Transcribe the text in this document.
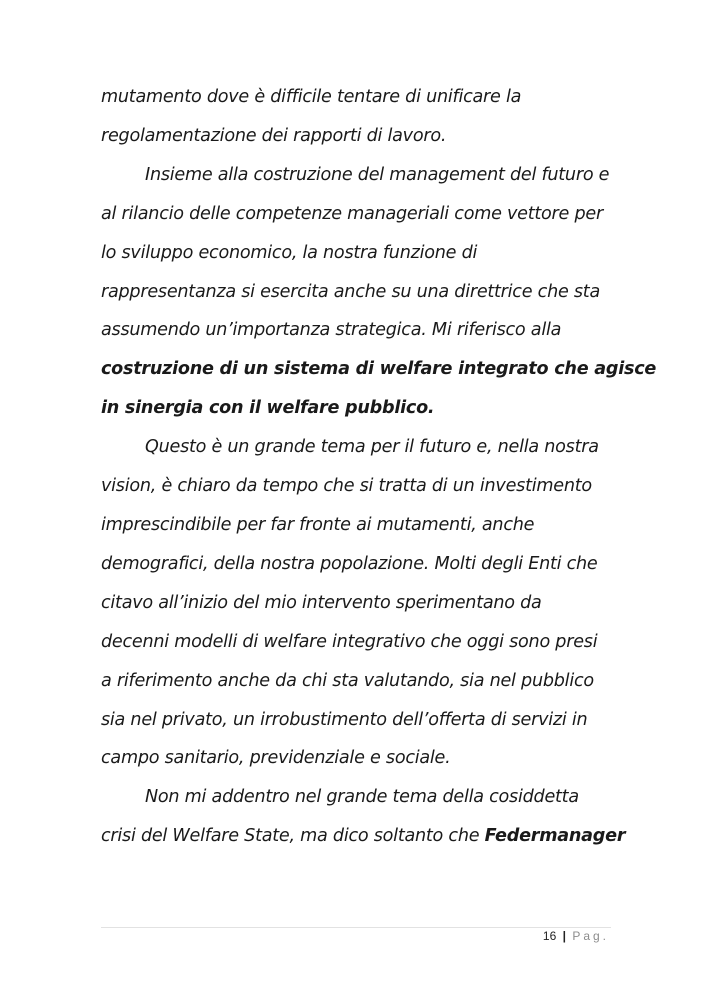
mutamento dove è difficile tentare di unificare la
regolamentazione dei rapporti di lavoro.
Insieme alla costruzione del management del futuro e
al rilancio delle competenze manageriali come vettore per
lo sviluppo economico, la nostra funzione di
rappresentanza si esercita anche su una direttrice che sta
assumendo un’importanza strategica. Mi riferisco alla
costruzione di un sistema di welfare integrato che agisce
in sinergia con il welfare pubblico.
Questo è un grande tema per il futuro e, nella nostra
vision, è chiaro da tempo che si tratta di un investimento
imprescindibile per far fronte ai mutamenti, anche
demografici, della nostra popolazione. Molti degli Enti che
citavo all’inizio del mio intervento sperimentano da
decenni modelli di welfare integrativo che oggi sono presi
a riferimento anche da chi sta valutando, sia nel pubblico
sia nel privato, un irrobustimento dell’offerta di servizi in
campo sanitario, previdenziale e sociale.
Non mi addentro nel grande tema della cosiddetta
crisi del Welfare State, ma dico soltanto che Federmanager
16 | Pag.
